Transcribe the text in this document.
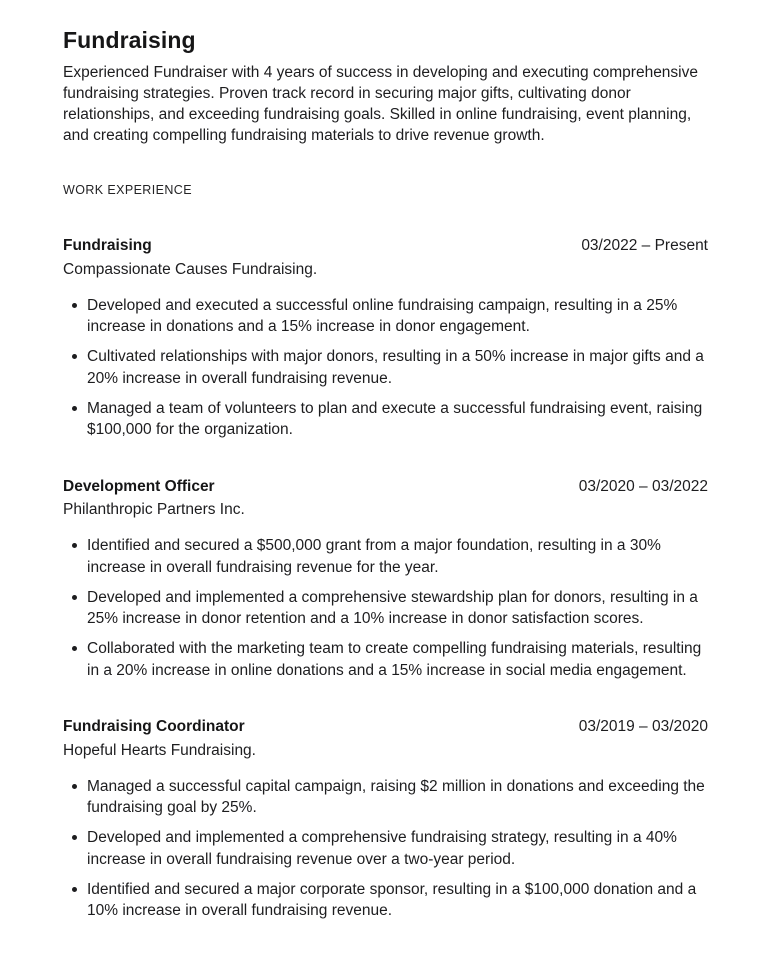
Fundraising

Experienced Fundraiser with 4 years of success in developing and executing comprehensive fundraising strategies. Proven track record in securing major gifts, cultivating donor relationships, and exceeding fundraising goals. Skilled in online fundraising, event planning, and creating compelling fundraising materials to drive revenue growth.

WORK EXPERIENCE
Fundraising	03/2022 – Present
Compassionate Causes Fundraising.
Developed and executed a successful online fundraising campaign, resulting in a 25% increase in donations and a 15% increase in donor engagement.
Cultivated relationships with major donors, resulting in a 50% increase in major gifts and a 20% increase in overall fundraising revenue.
Managed a team of volunteers to plan and execute a successful fundraising event, raising $100,000 for the organization.
Development Officer	03/2020 – 03/2022
Philanthropic Partners Inc.
Identified and secured a $500,000 grant from a major foundation, resulting in a 30% increase in overall fundraising revenue for the year.
Developed and implemented a comprehensive stewardship plan for donors, resulting in a 25% increase in donor retention and a 10% increase in donor satisfaction scores.
Collaborated with the marketing team to create compelling fundraising materials, resulting in a 20% increase in online donations and a 15% increase in social media engagement.
Fundraising Coordinator	03/2019 – 03/2020
Hopeful Hearts Fundraising.
Managed a successful capital campaign, raising $2 million in donations and exceeding the fundraising goal by 25%.
Developed and implemented a comprehensive fundraising strategy, resulting in a 40% increase in overall fundraising revenue over a two-year period.
Identified and secured a major corporate sponsor, resulting in a $100,000 donation and a 10% increase in overall fundraising revenue.
